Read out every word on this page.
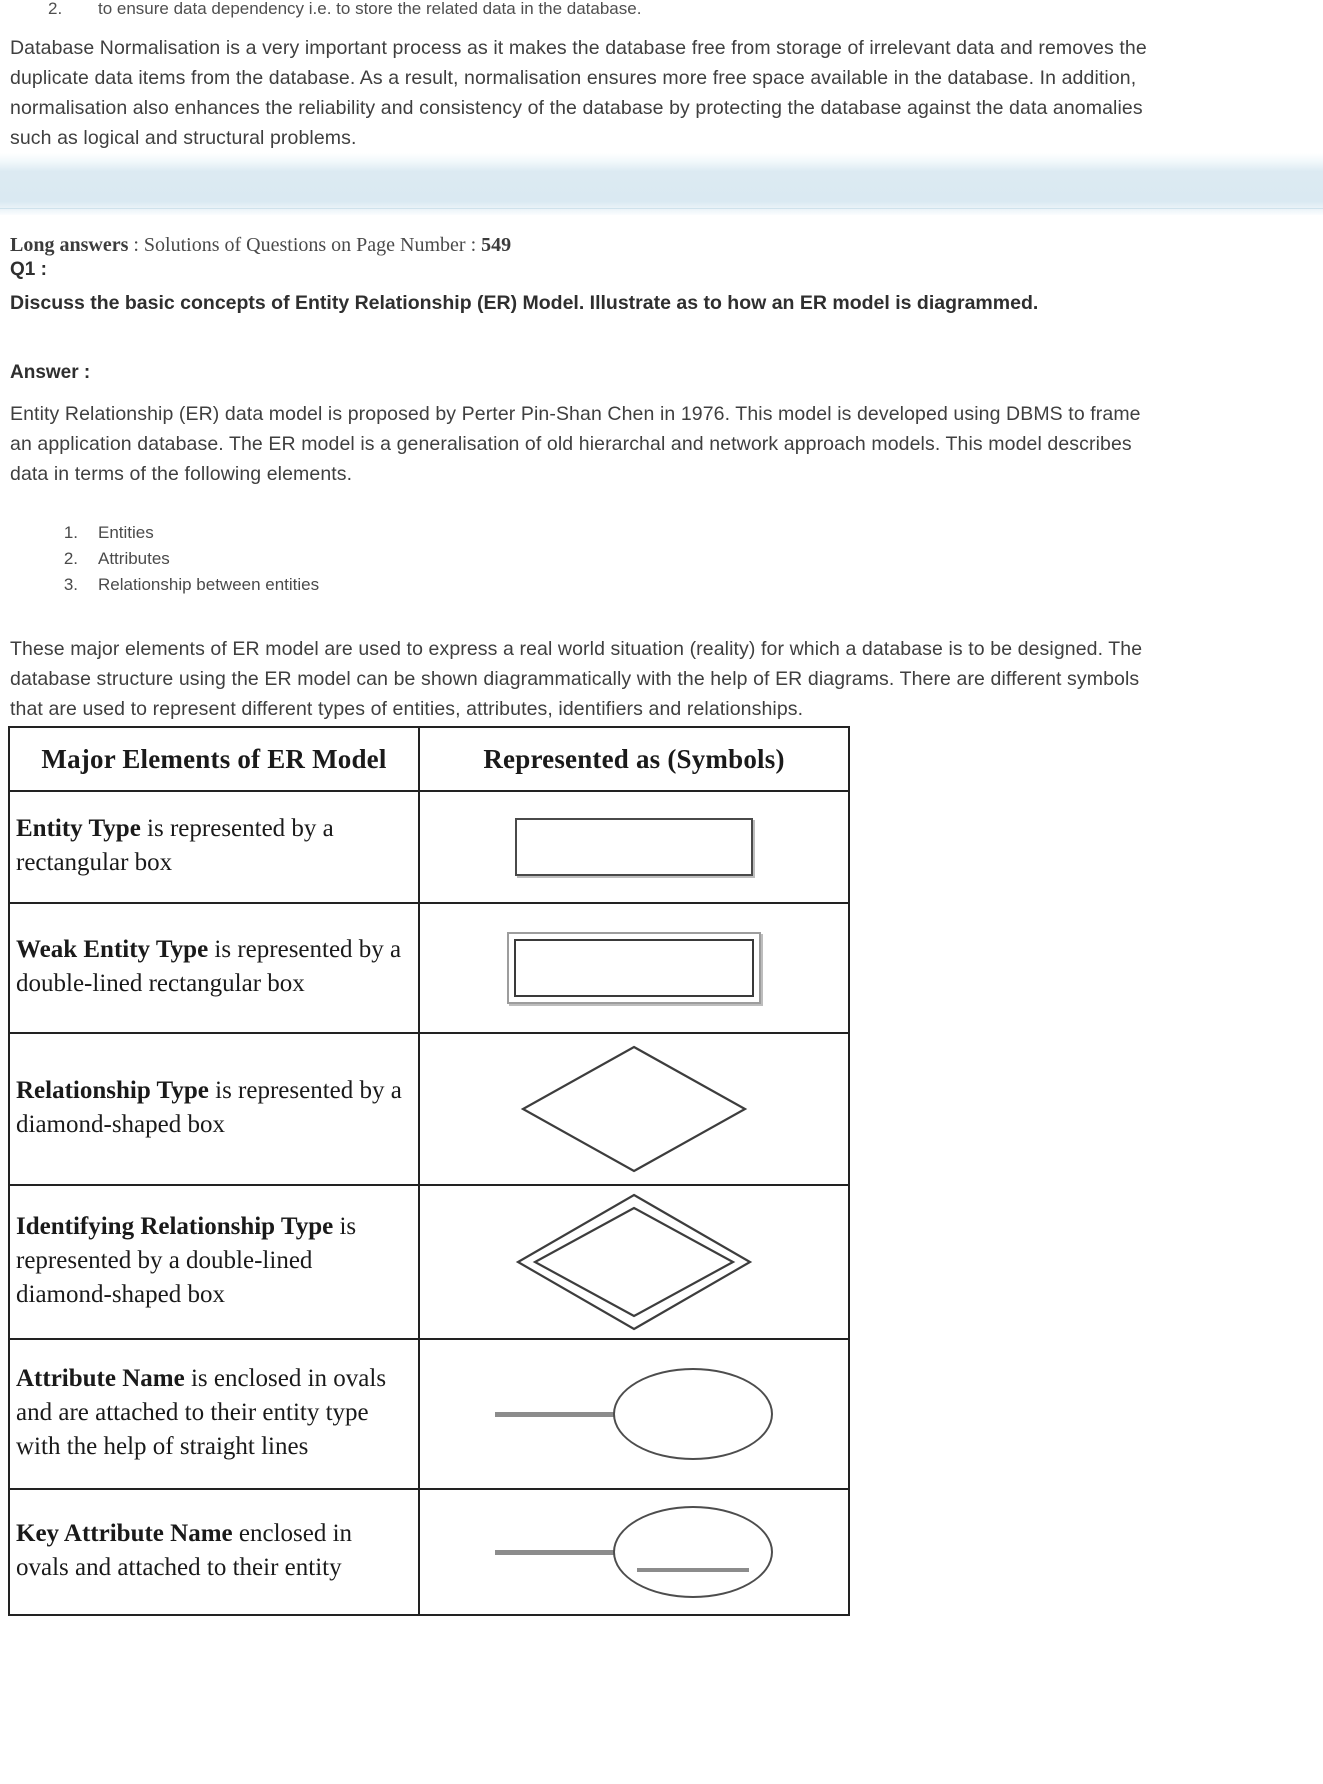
2. to ensure data dependency i.e. to store the related data in the database.

Database Normalisation is a very important process as it makes the database free from storage of irrelevant data and removes the duplicate data items from the database. As a result, normalisation ensures more free space available in the database. In addition, normalisation also enhances the reliability and consistency of the database by protecting the database against the data anomalies such as logical and structural problems.

Long answers : Solutions of Questions on Page Number : 549
Q1 :
Discuss the basic concepts of Entity Relationship (ER) Model. Illustrate as to how an ER model is diagrammed.
Answer :

Entity Relationship (ER) data model is proposed by Perter Pin-Shan Chen in 1976. This model is developed using DBMS to frame an application database. The ER model is a generalisation of old hierarchal and network approach models. This model describes data in terms of the following elements.

1. Entities
2. Attributes
3. Relationship between entities

These major elements of ER model are used to express a real world situation (reality) for which a database is to be designed. The database structure using the ER model can be shown diagrammatically with the help of ER diagrams. There are different symbols that are used to represent different types of entities, attributes, identifiers and relationships.

Major Elements of ER Model	Represented as (Symbols)
Entity Type is represented by a rectangular box	

Weak Entity Type is represented by a double-lined rectangular box	

Relationship Type is represented by a diamond-shaped box	

Identifying Relationship Type is represented by a double-lined diamond-shaped box	

Attribute Name is enclosed in ovals and are attached to their entity type with the help of straight lines	

Key Attribute Name enclosed in ovals and attached to their entity	
